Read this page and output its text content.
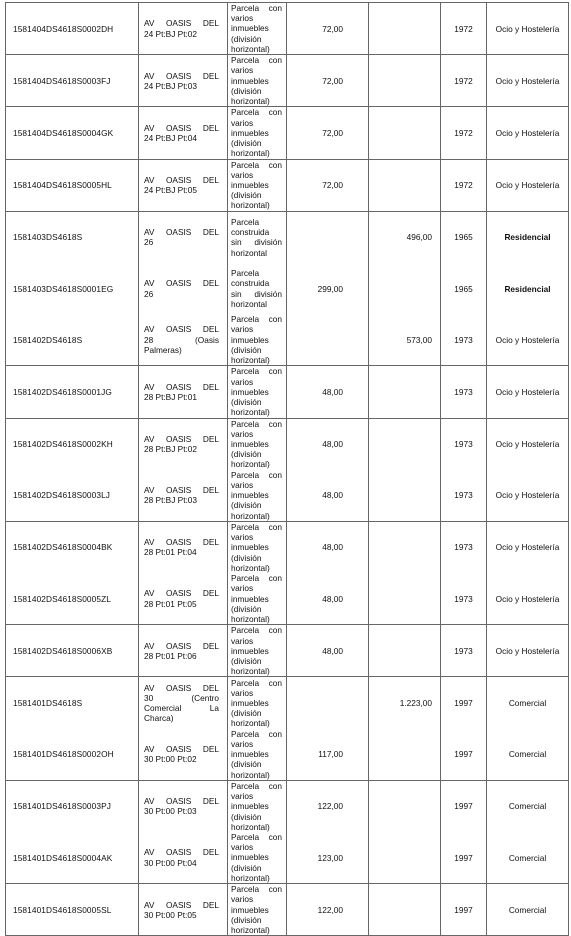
1581404DS4618S0002DH	AV OASIS DEL
24 Pt:BJ Pt:02	Parcela con
varios
inmuebles
(división
horizontal)	72,00		1972	Ocio y Hostelería
1581404DS4618S0003FJ	AV OASIS DEL
24 Pt:BJ Pt:03	Parcela con
varios
inmuebles
(división
horizontal)	72,00		1972	Ocio y Hostelería
1581404DS4618S0004GK	AV OASIS DEL
24 Pt:BJ Pt:04	Parcela con
varios
inmuebles
(división
horizontal)	72,00		1972	Ocio y Hostelería
1581404DS4618S0005HL	AV OASIS DEL
24 Pt:BJ Pt:05	Parcela con
varios
inmuebles
(división
horizontal)	72,00		1972	Ocio y Hostelería
1581403DS4618S	AV OASIS DEL
26	Parcela
construida
sin división
horizontal		496,00	1965	Residencial
1581403DS4618S0001EG	AV OASIS DEL
26	Parcela
construida
sin división
horizontal	299,00		1965	Residencial
1581402DS4618S	AV OASIS DEL
28 (Oasis
Palmeras)	Parcela con
varios
inmuebles
(división
horizontal)		573,00	1973	Ocio y Hostelería
1581402DS4618S0001JG	AV OASIS DEL
28 Pt:BJ Pt:01	Parcela con
varios
inmuebles
(división
horizontal)	48,00		1973	Ocio y Hostelería
1581402DS4618S0002KH	AV OASIS DEL
28 Pt:BJ Pt:02	Parcela con
varios
inmuebles
(división
horizontal)	48,00		1973	Ocio y Hostelería
1581402DS4618S0003LJ	AV OASIS DEL
28 Pt:BJ Pt:03	Parcela con
varios
inmuebles
(división
horizontal)	48,00		1973	Ocio y Hostelería
1581402DS4618S0004BK	AV OASIS DEL
28 Pt:01 Pt:04	Parcela con
varios
inmuebles
(división
horizontal)	48,00		1973	Ocio y Hostelería
1581402DS4618S0005ZL	AV OASIS DEL
28 Pt:01 Pt:05	Parcela con
varios
inmuebles
(división
horizontal)	48,00		1973	Ocio y Hostelería
1581402DS4618S0006XB	AV OASIS DEL
28 Pt:01 Pt:06	Parcela con
varios
inmuebles
(división
horizontal)	48,00		1973	Ocio y Hostelería
1581401DS4618S	AV OASIS DEL
30 (Centro
Comercial La
Charca)	Parcela con
varios
inmuebles
(división
horizontal)		1.223,00	1997	Comercial
1581401DS4618S0002OH	AV OASIS DEL
30 Pt:00 Pt:02	Parcela con
varios
inmuebles
(división
horizontal)	117,00		1997	Comercial
1581401DS4618S0003PJ	AV OASIS DEL
30 Pt:00 Pt:03	Parcela con
varios
inmuebles
(división
horizontal)	122,00		1997	Comercial
1581401DS4618S0004AK	AV OASIS DEL
30 Pt:00 Pt:04	Parcela con
varios
inmuebles
(división
horizontal)	123,00		1997	Comercial
1581401DS4618S0005SL	AV OASIS DEL
30 Pt:00 Pt:05	Parcela con
varios
inmuebles
(división
horizontal)	122,00		1997	Comercial
